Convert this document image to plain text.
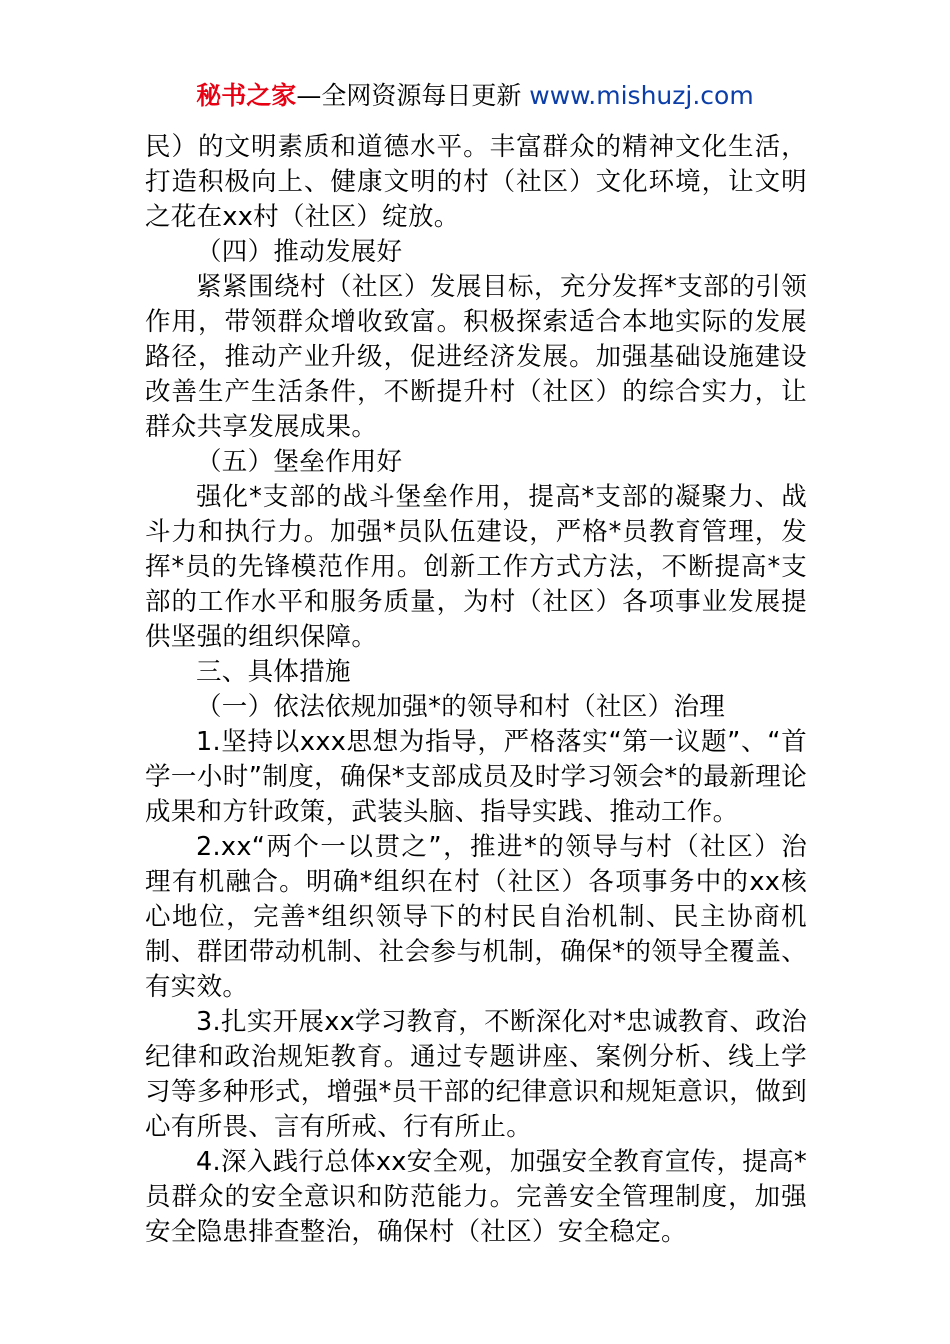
秘书之家—全网资源每日更新 www.mishuzj.com

民）的文明素质和道德水平。丰富群众的精神文化生活，打造积极向上、健康文明的村（社区）文化环境，让文明之花在xx村（社区）绽放。

（四）推动发展好

紧紧围绕村（社区）发展目标，充分发挥*支部的引领作用，带领群众增收致富。积极探索适合本地实际的发展路径，推动产业升级，促进经济发展。加强基础设施建设改善生产生活条件，不断提升村（社区）的综合实力，让群众共享发展成果。

（五）堡垒作用好

强化*支部的战斗堡垒作用，提高*支部的凝聚力、战斗力和执行力。加强*员队伍建设，严格*员教育管理，发挥*员的先锋模范作用。创新工作方式方法，不断提高*支部的工作水平和服务质量，为村（社区）各项事业发展提供坚强的组织保障。

三、具体措施

（一）依法依规加强*的领导和村（社区）治理

1.坚持以xxx思想为指导，严格落实“第一议题”、“首学一小时”制度，确保*支部成员及时学习领会*的最新理论成果和方针政策，武装头脑、指导实践、推动工作。

2.xx“两个一以贯之”，推进*的领导与村（社区）治理有机融合。明确*组织在村（社区）各项事务中的xx核心地位，完善*组织领导下的村民自治机制、民主协商机制、群团带动机制、社会参与机制，确保*的领导全覆盖、有实效。

3.扎实开展xx学习教育，不断深化对*忠诚教育、政治纪律和政治规矩教育。通过专题讲座、案例分析、线上学习等多种形式，增强*员干部的纪律意识和规矩意识，做到心有所畏、言有所戒、行有所止。

4.深入践行总体xx安全观，加强安全教育宣传，提高*员群众的安全意识和防范能力。完善安全管理制度，加强安全隐患排查整治，确保村（社区）安全稳定。
